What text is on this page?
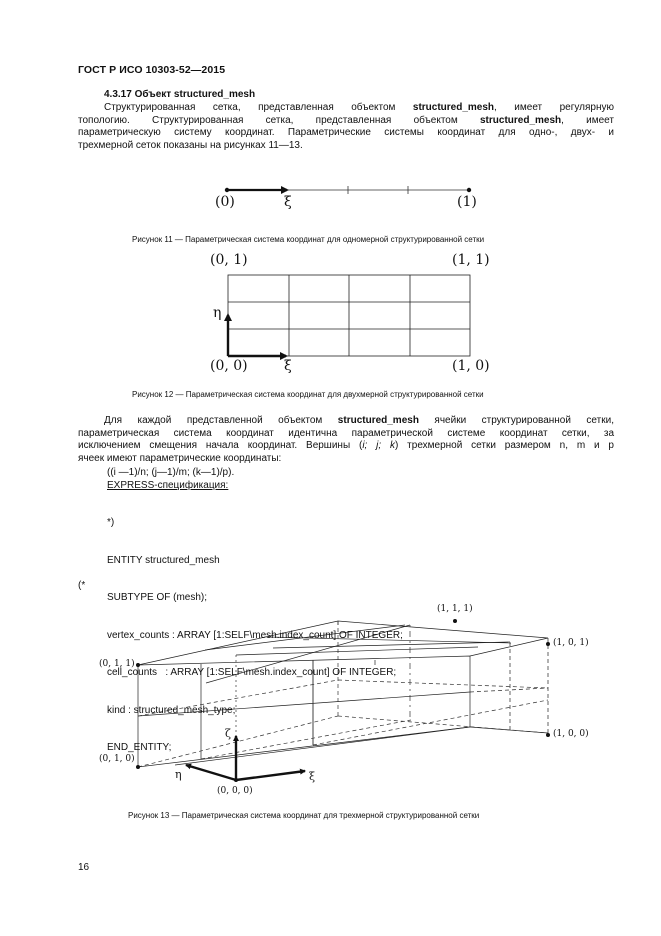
ГОСТ Р ИСО 10303-52—2015
4.3.17 Объект structured_mesh
Структурированная сетка, представленная объектом structured_mesh, имеет регулярную
топологию. Структурированная сетка, представленная объектом structured_mesh, имеет
параметрическую систему координат. Параметрические системы координат для одно-, двух- и
трехмерной сеток показаны на рисунках 11—13.
(0)	ξ	(1)
Рисунок 11 — Параметрическая система координат для одномерной структурированной сетки
(0, 1)	(1, 1)
(0, 0)	(1, 0)
ξ
η
Рисунок 12 — Параметрическая система координат для двухмерной структурированной сетки
Для каждой представленной объектом structured_mesh ячейки структурированной сетки,
параметрическая система координат идентична параметрической системе координат сетки, за
исключением смещения начала координат. Вершины (i; j; k) трехмерной сетки размером n, m и p
ячеек имеют параметрические координаты:
((i —1)/n; (j—1)/m; (k—1)/p).
EXPRESS-спецификация:

*)

ENTITY structured_mesh

SUBTYPE OF (mesh);

vertex_counts : ARRAY [1:SELF\mesh.index_count] OF INTEGER;

cell_counts   : ARRAY [1:SELF\mesh.index_count] OF INTEGER;

kind : structured_mesh_type;

END_ENTITY;

(*
(1, 1, 1)
(1, 0, 1)
(0, 1, 1)
(1, 0, 0)
(0, 1, 0)
(0, 0, 0)
ζ
η	ξ
Рисунок 13 — Параметрическая система координат для трехмерной структурированной сетки
16
